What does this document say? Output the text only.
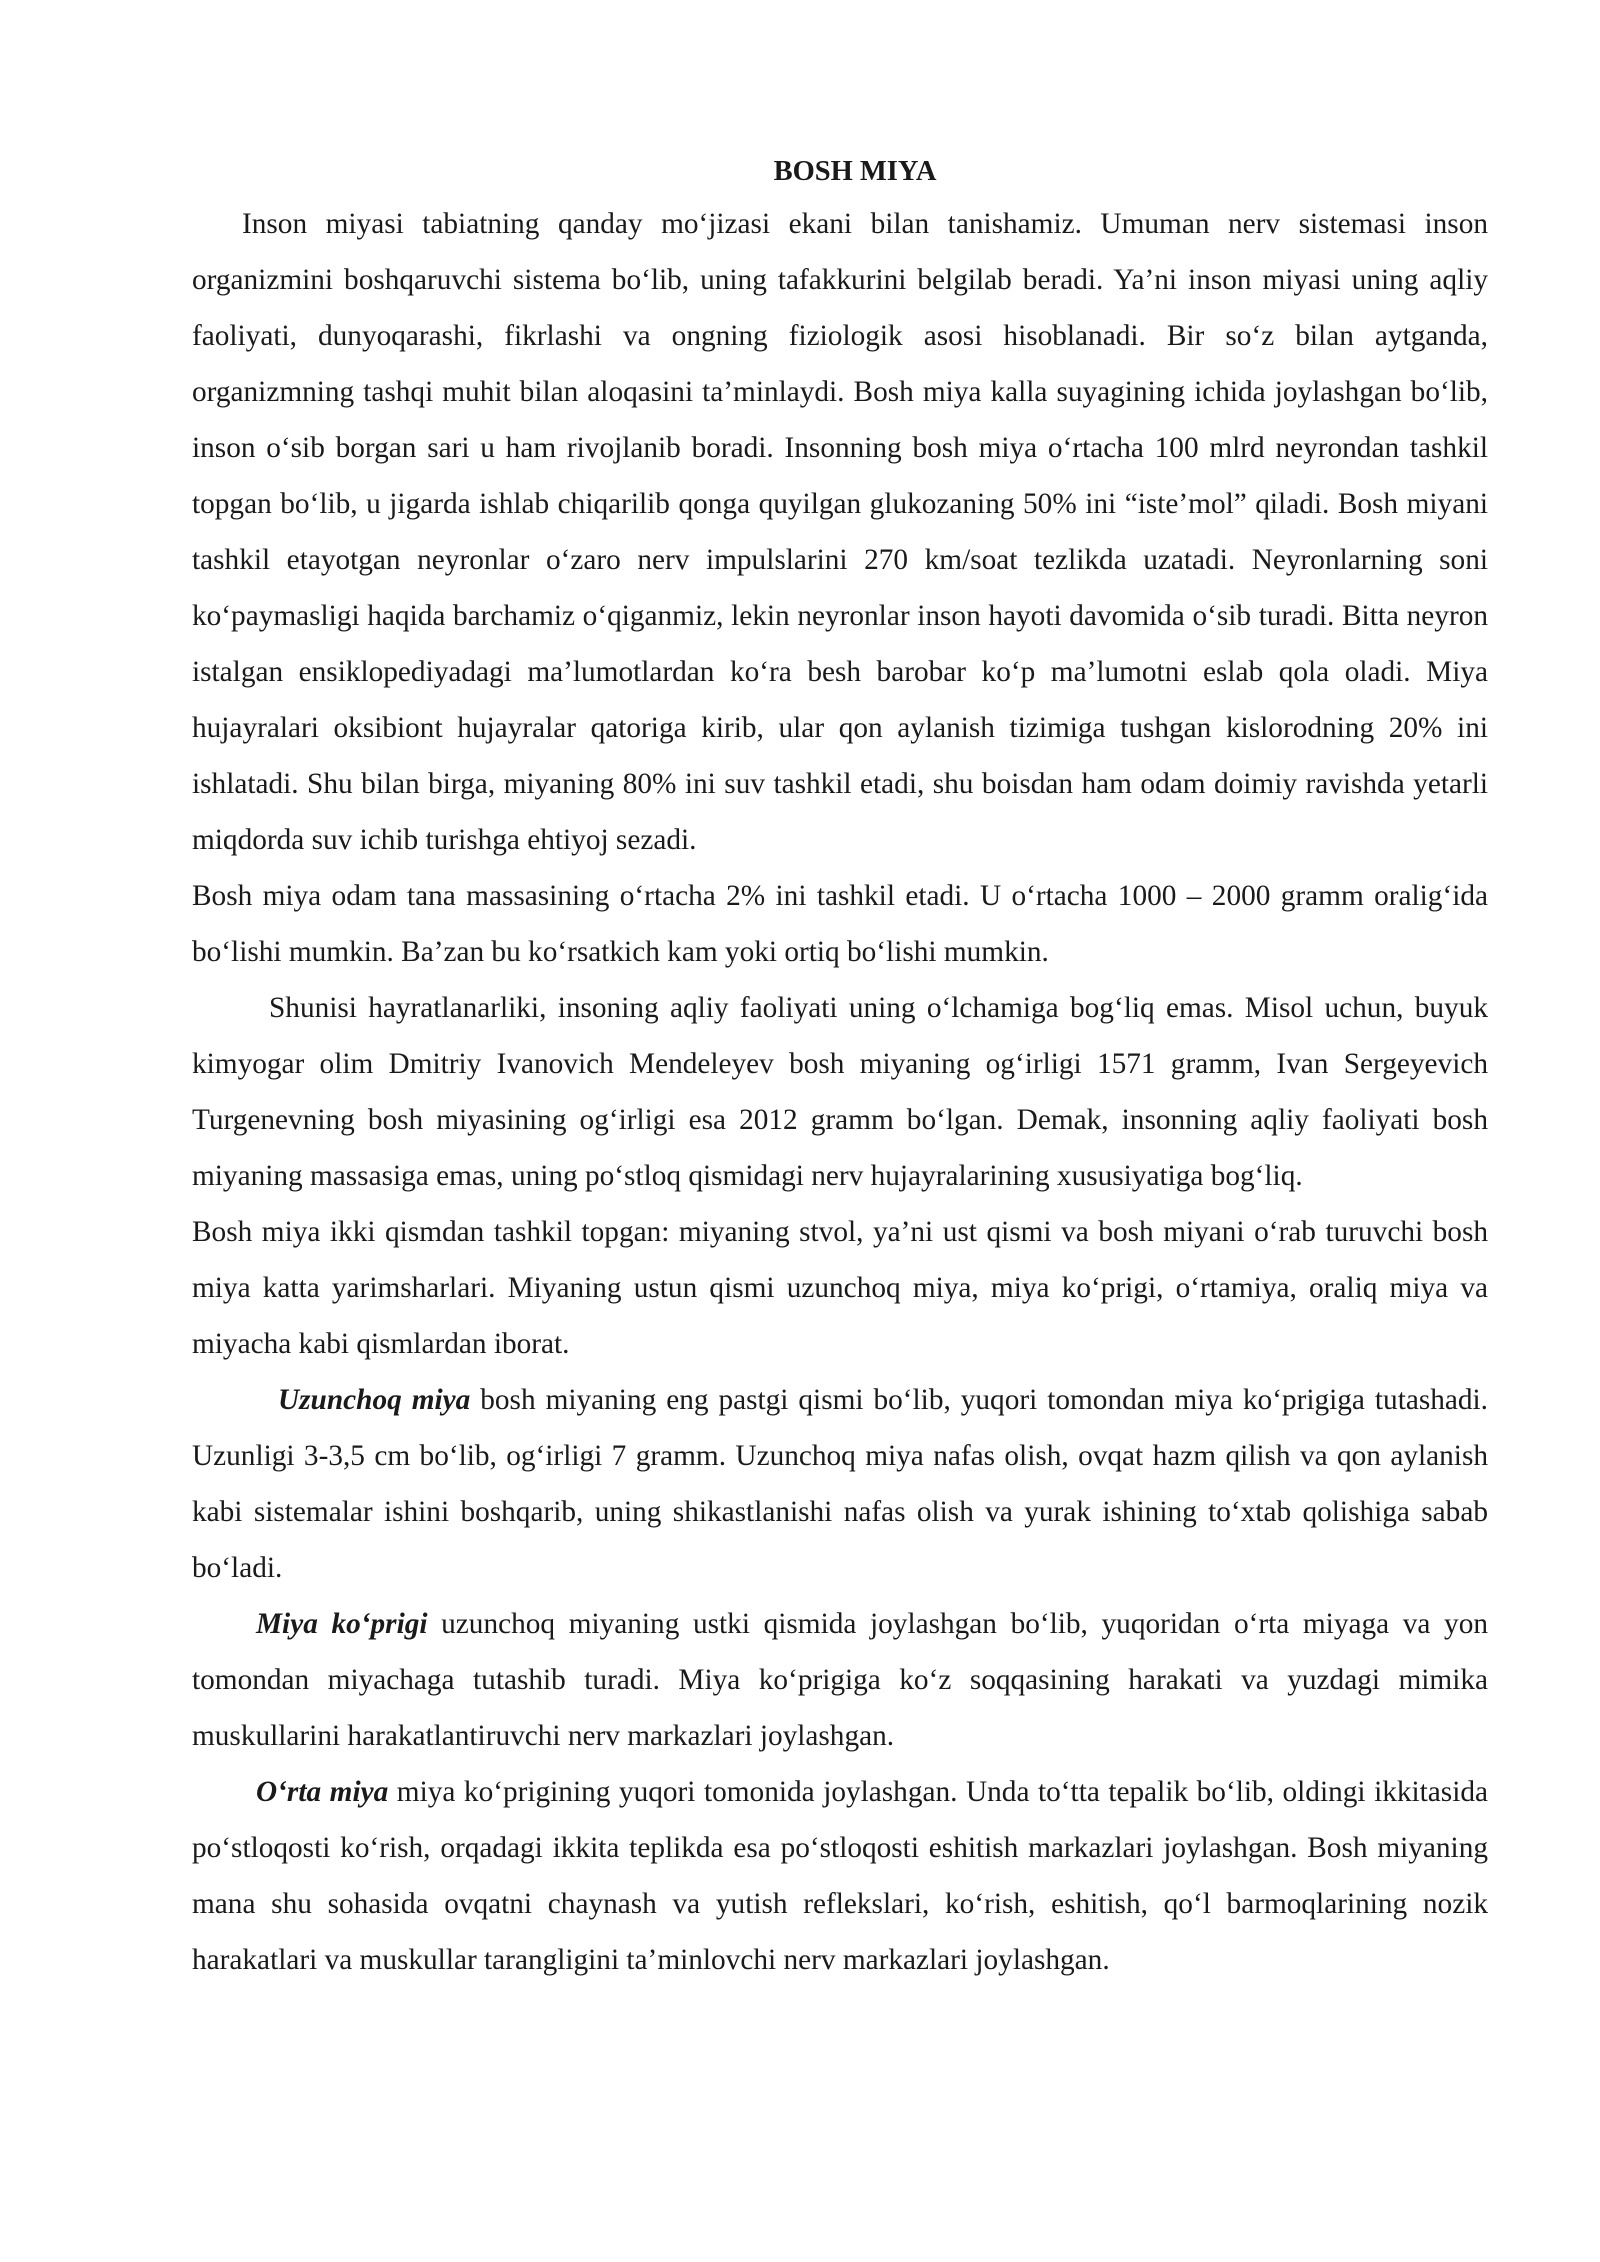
BOSH MIYA

Inson miyasi tabiatning qanday mo‘jizasi ekani bilan tanishamiz. Umuman nerv sistemasi inson organizmini boshqaruvchi sistema bo‘lib, uning tafakkurini belgilab beradi. Ya’ni inson miyasi uning aqliy faoliyati, dunyoqarashi, fikrlashi va ongning fiziologik asosi hisoblanadi. Bir so‘z bilan aytganda, organizmning tashqi muhit bilan aloqasini ta’minlaydi. Bosh miya kalla suyagining ichida joylashgan bo‘lib, inson o‘sib borgan sari u ham rivojlanib boradi. Insonning bosh miya o‘rtacha 100 mlrd neyrondan tashkil topgan bo‘lib, u jigarda ishlab chiqarilib qonga quyilgan glukozaning 50% ini “iste’mol” qiladi. Bosh miyani tashkil etayotgan neyronlar o‘zaro nerv impulslarini 270 km/soat tezlikda uzatadi. Neyronlarning soni ko‘paymasligi haqida barchamiz o‘qiganmiz, lekin neyronlar inson hayoti davomida o‘sib turadi. Bitta neyron istalgan ensiklopediyadagi ma’lumotlardan ko‘ra besh barobar ko‘p ma’lumotni eslab qola oladi. Miya hujayralari oksibiont hujayralar qatoriga kirib, ular qon aylanish tizimiga tushgan kislorodning 20% ini ishlatadi. Shu bilan birga, miyaning 80% ini suv tashkil etadi, shu boisdan ham odam doimiy ravishda yetarli miqdorda suv ichib turishga ehtiyoj sezadi.

Bosh miya odam tana massasining o‘rtacha 2% ini tashkil etadi. U o‘rtacha 1000 – 2000 gramm oralig‘ida bo‘lishi mumkin. Ba’zan bu ko‘rsatkich kam yoki ortiq bo‘lishi mumkin.

Shunisi hayratlanarliki, insoning aqliy faoliyati uning o‘lchamiga bog‘liq emas. Misol uchun, buyuk kimyogar olim Dmitriy Ivanovich Mendeleyev bosh miyaning og‘irligi 1571 gramm, Ivan Sergeyevich Turgenevning bosh miyasining og‘irligi esa 2012 gramm bo‘lgan. Demak, insonning aqliy faoliyati bosh miyaning massasiga emas, uning po‘stloq qismidagi nerv hujayralarining xususiyatiga bog‘liq.

Bosh miya ikki qismdan tashkil topgan: miyaning stvol, ya’ni ust qismi va bosh miyani o‘rab turuvchi bosh miya katta yarimsharlari. Miyaning ustun qismi uzunchoq miya, miya ko‘prigi, o‘rtamiya, oraliq miya va miyacha kabi qismlardan iborat.

Uzunchoq miya bosh miyaning eng pastgi qismi bo‘lib, yuqori tomondan miya ko‘prigiga tutashadi. Uzunligi 3-3,5 cm bo‘lib, og‘irligi 7 gramm. Uzunchoq miya nafas olish, ovqat hazm qilish va qon aylanish kabi sistemalar ishini boshqarib, uning shikastlanishi nafas olish va yurak ishining to‘xtab qolishiga sabab bo‘ladi.

Miya ko‘prigi uzunchoq miyaning ustki qismida joylashgan bo‘lib, yuqoridan o‘rta miyaga va yon tomondan miyachaga tutashib turadi. Miya ko‘prigiga ko‘z soqqasining harakati va yuzdagi mimika muskullarini harakatlantiruvchi nerv markazlari joylashgan.

O‘rta miya miya ko‘prigining yuqori tomonida joylashgan. Unda to‘tta tepalik bo‘lib, oldingi ikkitasida po‘stloqosti ko‘rish, orqadagi ikkita teplikda esa po‘stloqosti eshitish markazlari joylashgan. Bosh miyaning mana shu sohasida ovqatni chaynash va yutish reflekslari, ko‘rish, eshitish, qo‘l barmoqlarining nozik harakatlari va muskullar tarangligini ta’minlovchi nerv markazlari joylashgan.
